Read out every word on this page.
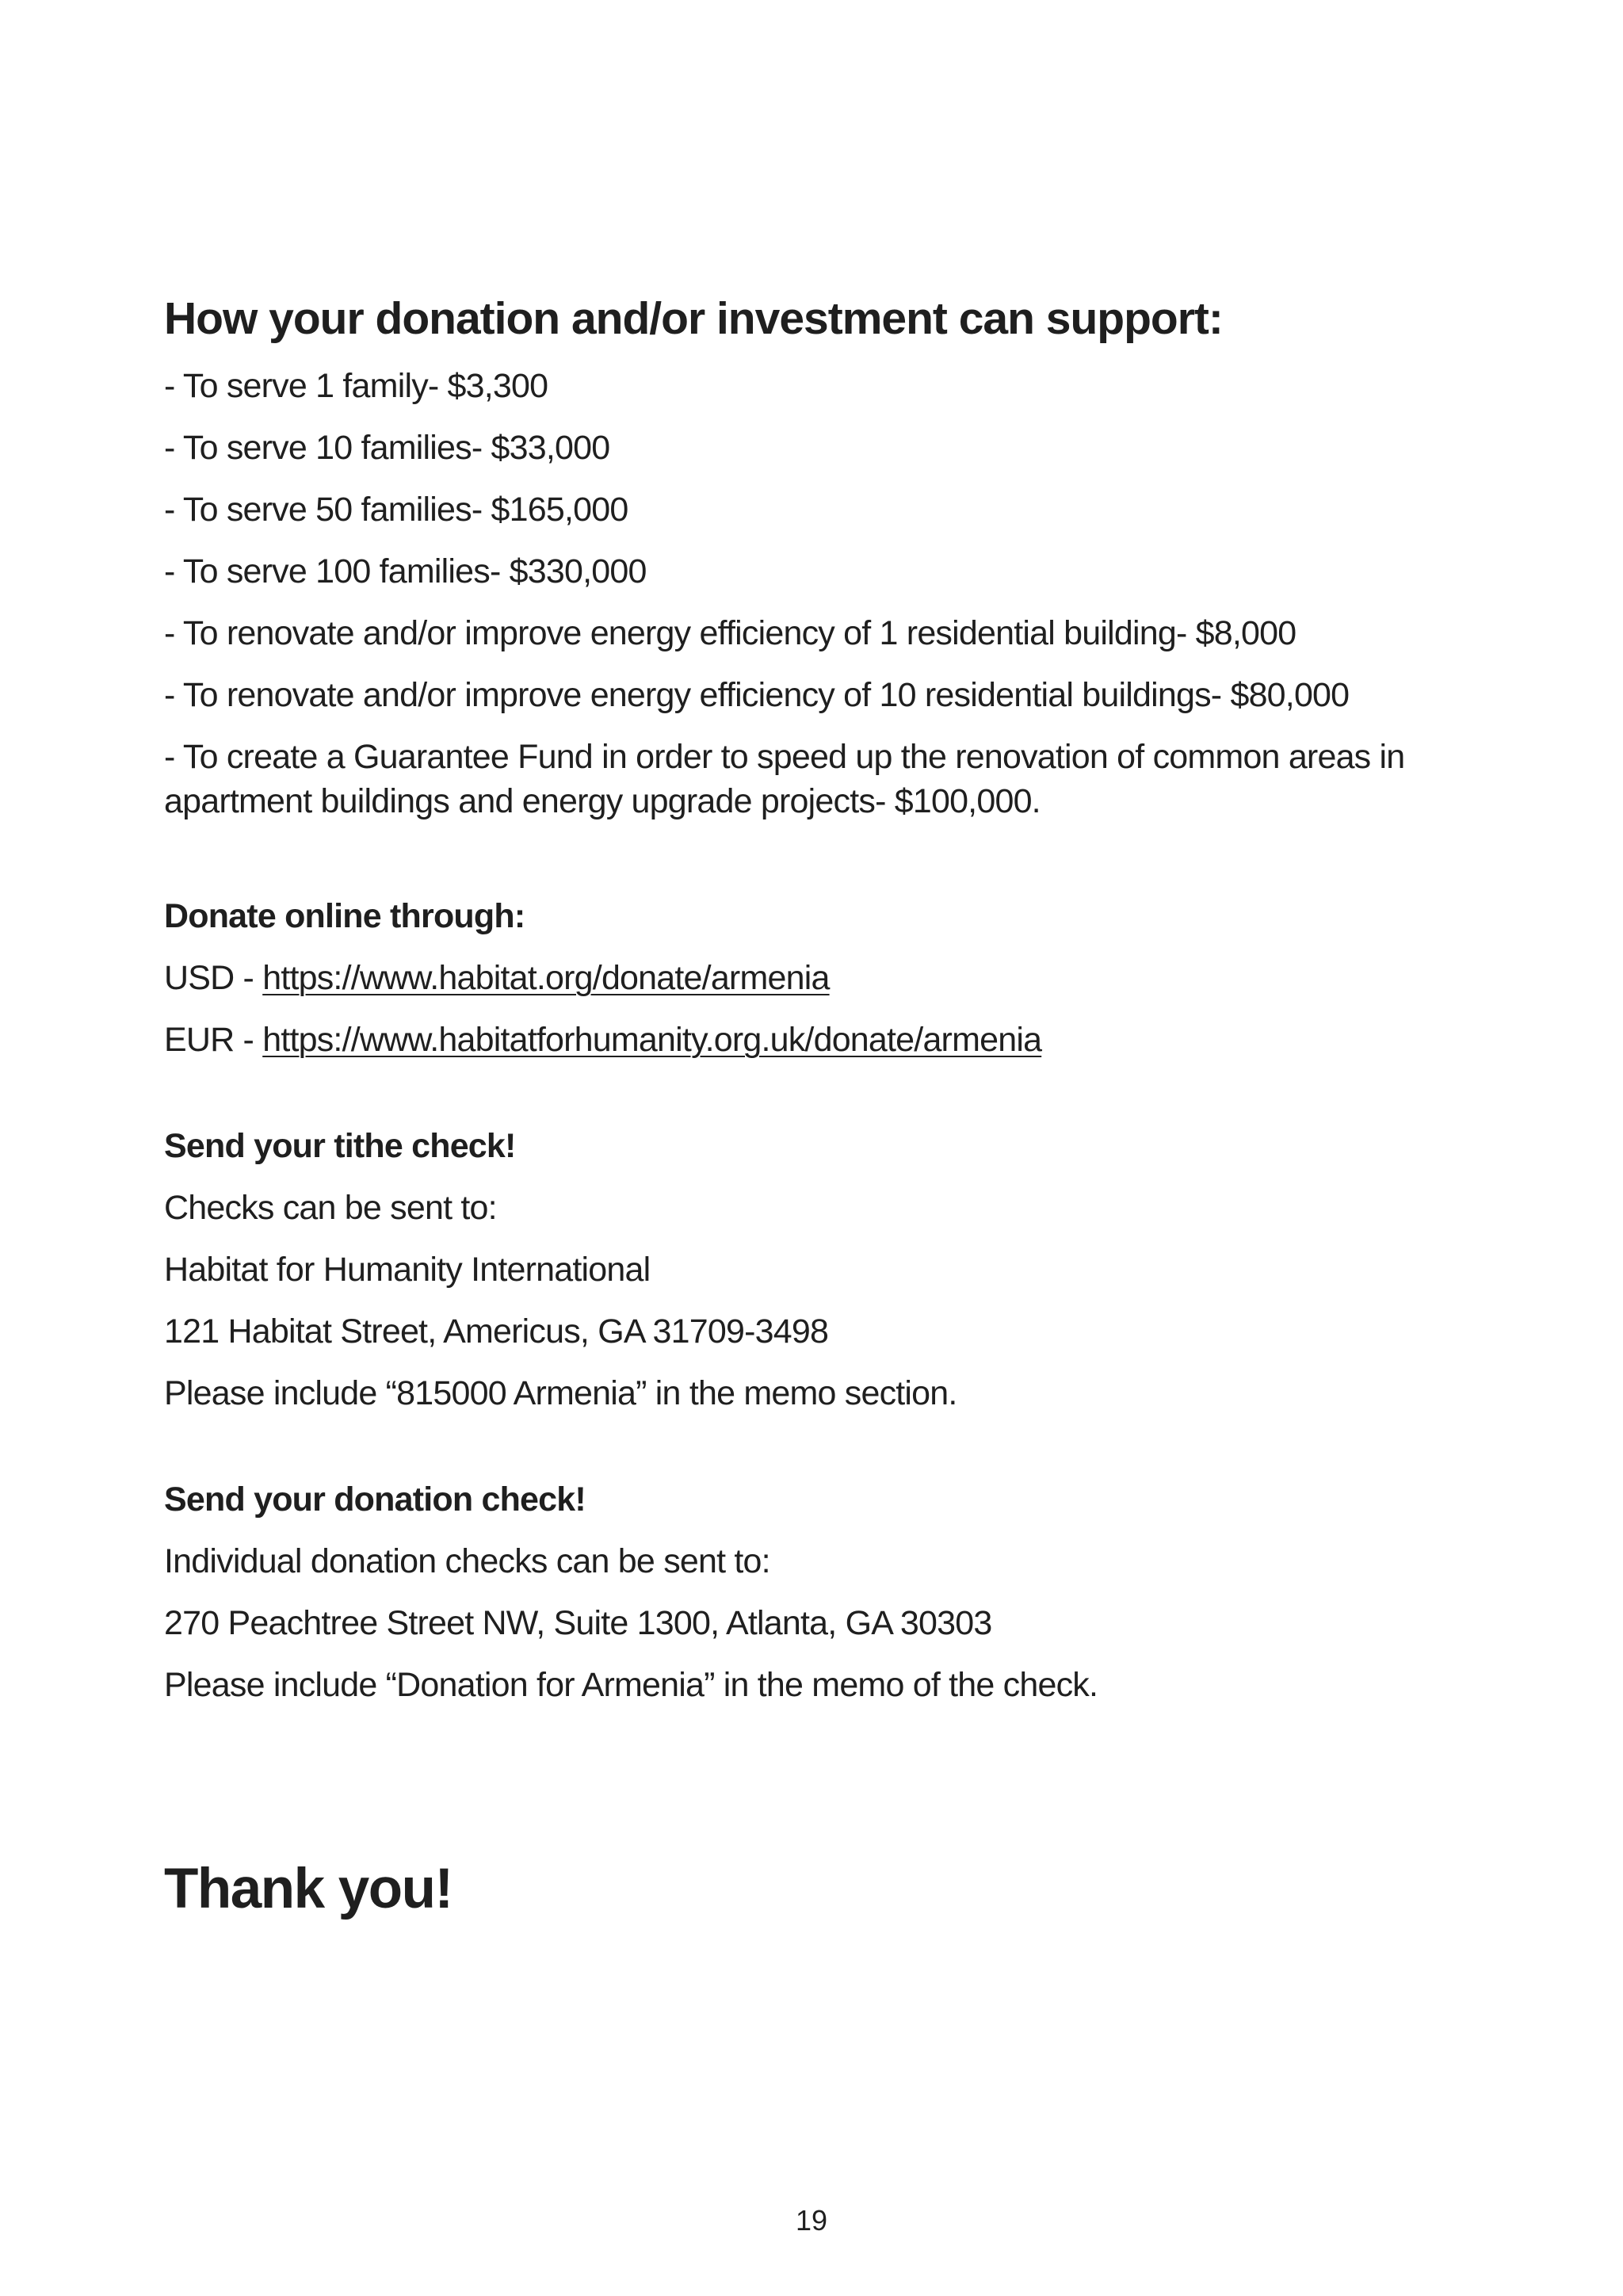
How your donation and/or investment can support:
- To serve 1 family- $3,300
- To serve 10 families- $33,000
- To serve 50 families- $165,000
- To serve 100 families- $330,000
- To renovate and/or improve energy efficiency of 1 residential building- $8,000
- To renovate and/or improve energy efficiency of 10 residential buildings- $80,000
- To create a Guarantee Fund in order to speed up the renovation of common areas in apartment buildings and energy upgrade projects- $100,000.
Donate online through:
USD - https://www.habitat.org/donate/armenia
EUR - https://www.habitatforhumanity.org.uk/donate/armenia
Send your tithe check!
Checks can be sent to:
Habitat for Humanity International
121 Habitat Street, Americus, GA 31709-3498
Please include “815000 Armenia” in the memo section.
Send your donation check!
Individual donation checks can be sent to:
270 Peachtree Street NW, Suite 1300, Atlanta, GA 30303
Please include “Donation for Armenia” in the memo of the check.
Thank you!
19
